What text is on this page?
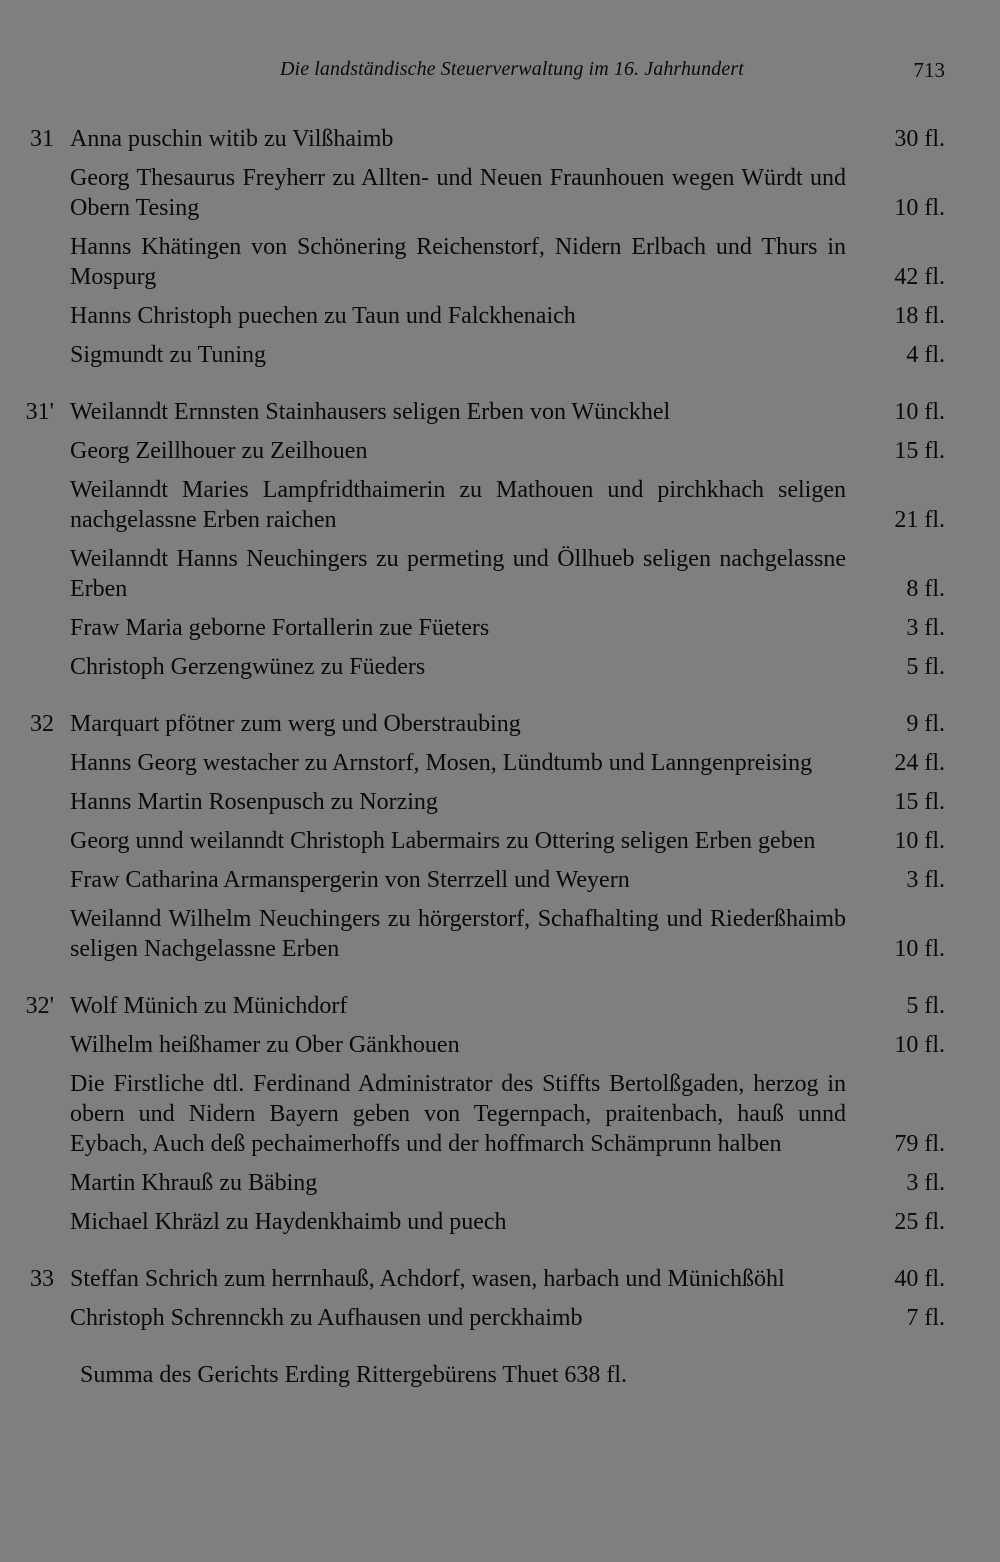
Die landständische Steuerverwaltung im 16. Jahrhundert	713
31 Anna puschin witib zu Vilßhaimb	30 fl.
Georg Thesaurus Freyherr zu Allten- und Neuen Fraunhouen wegen Würdt und Obern Tesing	10 fl.
Hanns Khätingen von Schönering Reichenstorf, Nidern Erlbach und Thurs in Mospurg	42 fl.
Hanns Christoph puechen zu Taun und Falckhenaich	18 fl.
Sigmundt zu Tuning	4 fl.
31' Weilanndt Ernnsten Stainhausers seligen Erben von Wünckhel	10 fl.
Georg Zeillhouer zu Zeilhouen	15 fl.
Weilanndt Maries Lampfridthaimerin zu Mathouen und pirchkhach seligen nachgelassne Erben raichen	21 fl.
Weilanndt Hanns Neuchingers zu permeting und Öllhueb seligen nachgelassne Erben	8 fl.
Fraw Maria geborne Fortallerin zue Füeters	3 fl.
Christoph Gerzengwünez zu Füeders	5 fl.
32 Marquart pfötner zum werg und Oberstraubing	9 fl.
Hanns Georg westacher zu Arnstorf, Mosen, Lündtumb und Lanngenpreising	24 fl.
Hanns Martin Rosenpusch zu Norzing	15 fl.
Georg unnd weilanndt Christoph Labermairs zu Ottering seligen Erben geben	10 fl.
Fraw Catharina Armanspergerin von Sterrzell und Weyern	3 fl.
Weilannd Wilhelm Neuchingers zu hörgerstorf, Schafhalting und Riederßhaimb seligen Nachgelassne Erben	10 fl.
32' Wolf Münich zu Münichdorf	5 fl.
Wilhelm heißhamer zu Ober Gänkhouen	10 fl.
Die Firstliche dtl. Ferdinand Administrator des Stiffts Bertolßgaden, herzog in obern und Nidern Bayern geben von Tegernpach, praitenbach, hauß unnd Eybach, Auch deß pechaimerhoffs und der hoffmarch Schämprunn halben	79 fl.
Martin Khrauß zu Bäbing	3 fl.
Michael Khräzl zu Haydenkhaimb und puech	25 fl.
33 Steffan Schrich zum herrnhauß, Achdorf, wasen, harbach und Münichßöhl	40 fl.
Christoph Schrennckh zu Aufhausen und perckhaimb	7 fl.
Summa des Gerichts Erding Rittergebürens Thuet 638 fl.
